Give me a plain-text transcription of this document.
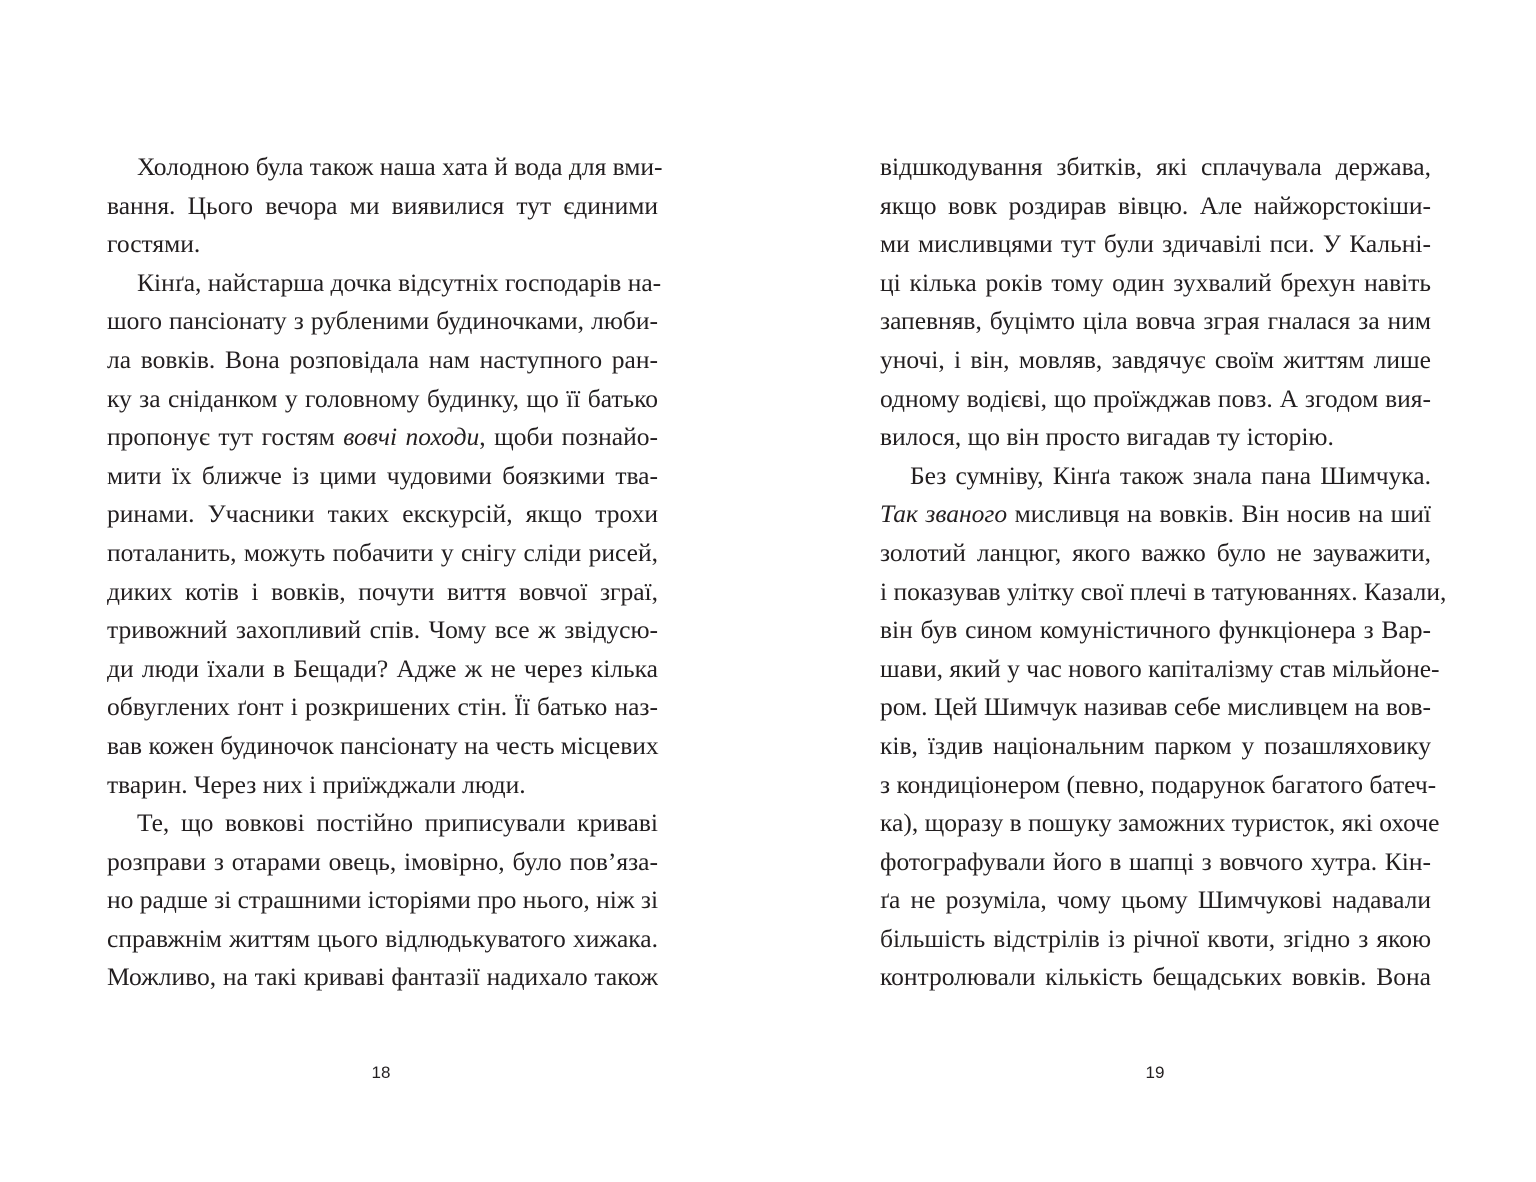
Холодною була також наша хата й вода для вми-
вання. Цього вечора ми виявилися тут єдиними
гостями.
Кінґа, найстарша дочка відсутніх господарів на-
шого пансіонату з рубленими будиночками, люби-
ла вовків. Вона розповідала нам наступного ран-
ку за сніданком у головному будинку, що її батько
пропонує тут гостям вовчі походи, щоби познайо-
мити їх ближче із цими чудовими боязкими тва-
ринами. Учасники таких екскурсій, якщо трохи
поталанить, можуть побачити у снігу сліди рисей,
диких котів і вовків, почути виття вовчої зграї,
тривожний захопливий спів. Чому все ж звідусю-
ди люди їхали в Бещади? Адже ж не через кілька
обвуглених ґонт і розкришених стін. Її батько наз-
вав кожен будиночок пансіонату на честь місцевих
тварин. Через них і приїжджали люди.
Те, що вовкові постійно приписували криваві
розправи з отарами овець, імовірно, було пов’яза-
но радше зі страшними історіями про нього, ніж зі
справжнім життям цього відлюдькуватого хижака.
Можливо, на такі криваві фантазії надихало також
18
відшкодування збитків, які сплачувала держава,
якщо вовк роздирав вівцю. Але найжорстокіши-
ми мисливцями тут були здичавілі пси. У Кальні-
ці кілька років тому один зухвалий брехун навіть
запевняв, буцімто ціла вовча зграя гналася за ним
уночі, і він, мовляв, завдячує своїм життям лише
одному водієві, що проїжджав повз. А згодом вия-
вилося, що він просто вигадав ту історію.
Без сумніву, Кінґа також знала пана Шимчука.
Так званого мисливця на вовків. Він носив на шиї
золотий ланцюг, якого важко було не зауважити,
і показував улітку свої плечі в татуюваннях. Казали,
він був сином комуністичного функціонера з Вар-
шави, який у час нового капіталізму став мільйоне-
ром. Цей Шимчук називав себе мисливцем на вов-
ків, їздив національним парком у позашляховику
з кондиціонером (певно, подарунок багатого батеч-
ка), щоразу в пошуку заможних туристок, які охоче
фотографували його в шапці з вовчого хутра. Кін-
ґа не розуміла, чому цьому Шимчукові надавали
більшість відстрілів із річної квоти, згідно з якою
контролювали кількість бещадських вовків. Вона
19
